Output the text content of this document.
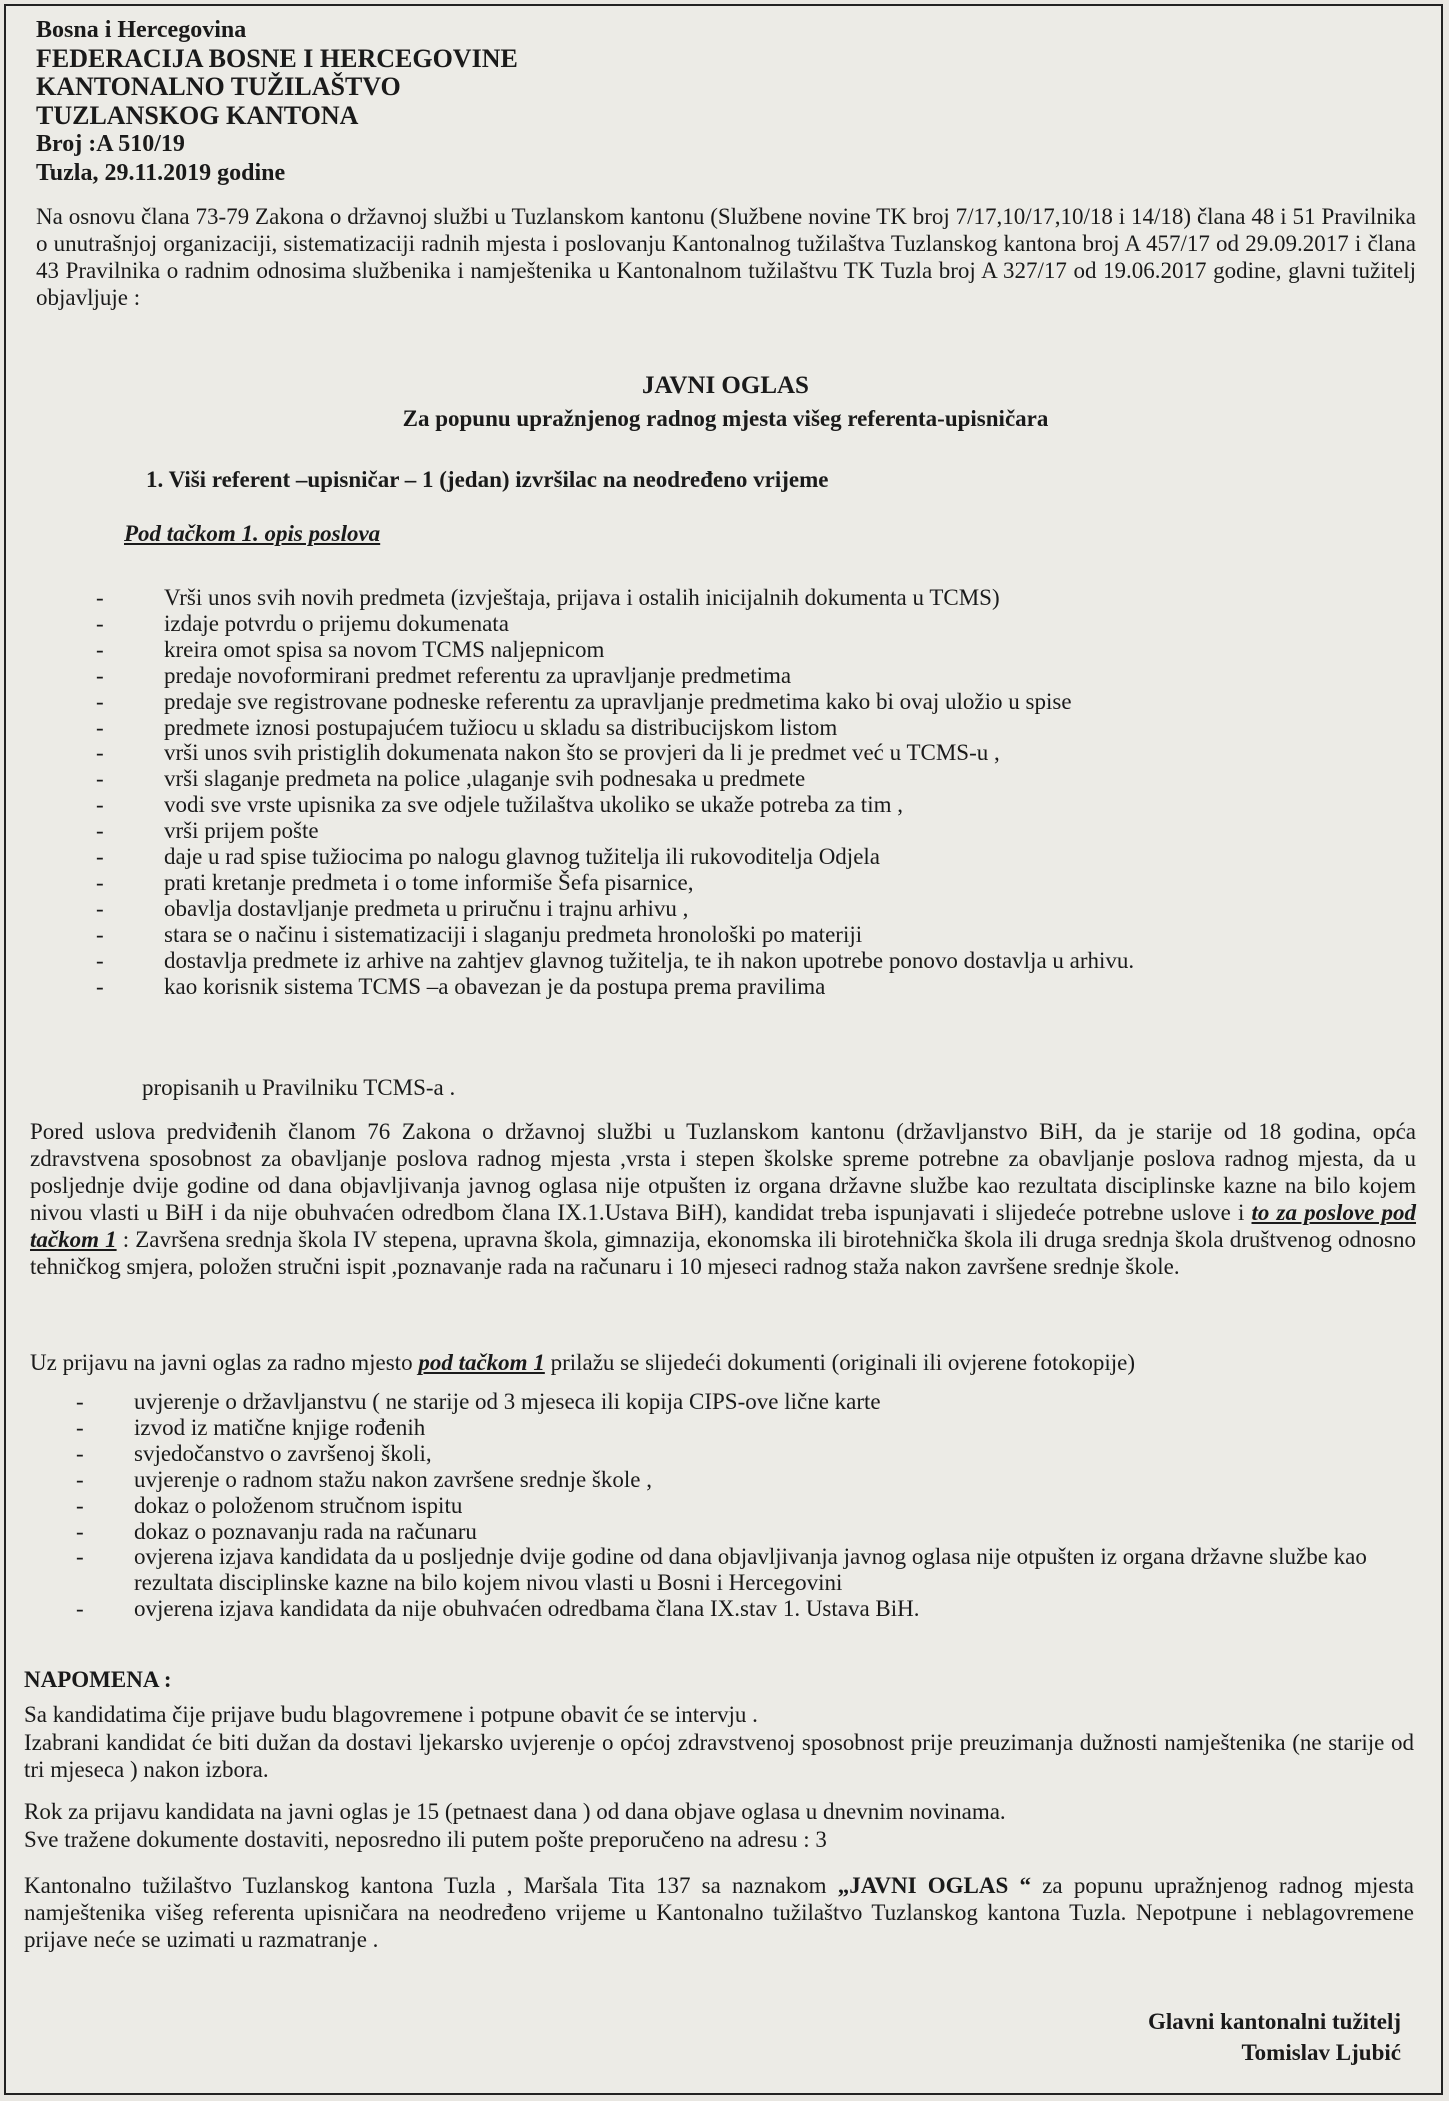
Bosna i Hercegovina
FEDERACIJA BOSNE I HERCEGOVINE
KANTONALNO TUŽILAŠTVO
TUZLANSKOG KANTONA
Broj :A 510/19
Tuzla, 29.11.2019 godine
Na osnovu člana 73-79 Zakona o državnoj službi u Tuzlanskom kantonu (Službene novine TK broj 7/17,10/17,10/18 i 14/18) člana 48 i 51 Pravilnika o unutrašnjoj organizaciji, sistematizaciji radnih mjesta i poslovanju Kantonalnog tužilaštva Tuzlanskog kantona broj A 457/17 od 29.09.2017 i člana 43 Pravilnika o radnim odnosima službenika i namještenika u Kantonalnom tužilaštvu TK Tuzla broj A 327/17 od 19.06.2017 godine, glavni tužitelj objavljuje :
JAVNI OGLAS
Za popunu upražnjenog radnog mjesta višeg referenta-upisničara
1. Viši referent –upisničar – 1 (jedan) izvršilac na neodređeno vrijeme
Pod tačkom 1. opis poslova
-	Vrši unos svih novih predmeta (izvještaja, prijava i ostalih inicijalnih dokumenta u TCMS)
-	izdaje potvrdu o prijemu dokumenata
-	kreira omot spisa sa novom TCMS naljepnicom
-	predaje novoformirani predmet referentu za upravljanje predmetima
-	predaje sve registrovane podneske referentu za upravljanje predmetima kako bi ovaj uložio u spise
-	predmete iznosi postupajućem tužiocu u skladu sa distribucijskom listom
-	vrši unos svih pristiglih dokumenata nakon što se provjeri da li je predmet već u TCMS-u ,
-	vrši slaganje predmeta na police ,ulaganje svih podnesaka u predmete
-	vodi sve vrste upisnika za sve odjele tužilaštva ukoliko se ukaže potreba za tim ,
-	vrši prijem pošte
-	daje u rad spise tužiocima po nalogu glavnog tužitelja ili rukovoditelja Odjela
-	prati kretanje predmeta i o tome informiše Šefa pisarnice,
-	obavlja dostavljanje predmeta u priručnu i trajnu arhivu ,
-	stara se o načinu i sistematizaciji i slaganju predmeta hronološki po materiji
-	dostavlja predmete iz arhive na zahtjev glavnog tužitelja, te ih nakon upotrebe ponovo dostavlja u arhivu.
-	kao korisnik sistema TCMS –a obavezan je da postupa prema pravilima
propisanih u Pravilniku TCMS-a .
Pored uslova predviđenih članom 76 Zakona o državnoj službi u Tuzlanskom kantonu (državljanstvo BiH, da je starije od 18 godina, opća zdravstvena sposobnost za obavljanje poslova radnog mjesta ,vrsta i stepen školske spreme potrebne za obavljanje poslova radnog mjesta, da u posljednje dvije godine od dana objavljivanja javnog oglasa nije otpušten iz organa državne službe kao rezultata disciplinske kazne na bilo kojem nivou vlasti u BiH i da nije obuhvaćen odredbom člana IX.1.Ustava BiH), kandidat treba ispunjavati i slijedeće potrebne uslove i to za poslove pod tačkom 1 : Završena srednja škola IV stepena, upravna škola, gimnazija, ekonomska ili birotehnička škola ili druga srednja škola društvenog odnosno tehničkog smjera, položen stručni ispit ,poznavanje rada na računaru i 10 mjeseci radnog staža nakon završene srednje škole.
Uz prijavu na javni oglas za radno mjesto pod tačkom 1 prilažu se slijedeći dokumenti (originali ili ovjerene fotokopije)
- uvjerenje o državljanstvu ( ne starije od 3 mjeseca ili kopija CIPS-ove lične karte
- izvod iz matične knjige rođenih
- svjedočanstvo o završenoj školi,
- uvjerenje o radnom stažu nakon završene srednje škole ,
- dokaz o položenom stručnom ispitu
- dokaz o poznavanju rada na računaru
- ovjerena izjava kandidata da u posljednje dvije godine od dana objavljivanja javnog oglasa nije otpušten iz organa državne službe kao rezultata disciplinske kazne na bilo kojem nivou vlasti u Bosni i Hercegovini
- ovjerena izjava kandidata da nije obuhvaćen odredbama člana IX.stav 1. Ustava BiH.
NAPOMENA :
Sa kandidatima čije prijave budu blagovremene i potpune obavit će se intervju .
Izabrani kandidat će biti dužan da dostavi ljekarsko uvjerenje o općoj zdravstvenoj sposobnost prije preuzimanja dužnosti namještenika (ne starije od tri mjeseca ) nakon izbora.
Rok za prijavu kandidata na javni oglas je 15 (petnaest dana ) od dana objave oglasa u dnevnim novinama.
Sve tražene dokumente dostaviti, neposredno ili putem pošte preporučeno na adresu : 3
Kantonalno tužilaštvo Tuzlanskog kantona Tuzla , Maršala Tita 137 sa naznakom „JAVNI OGLAS “ za popunu upražnjenog radnog mjesta namještenika višeg referenta upisničara na neodređeno vrijeme u Kantonalno tužilaštvo Tuzlanskog kantona Tuzla. Nepotpune i neblagovremene prijave neće se uzimati u razmatranje .
Glavni kantonalni tužitelj
Tomislav Ljubić
